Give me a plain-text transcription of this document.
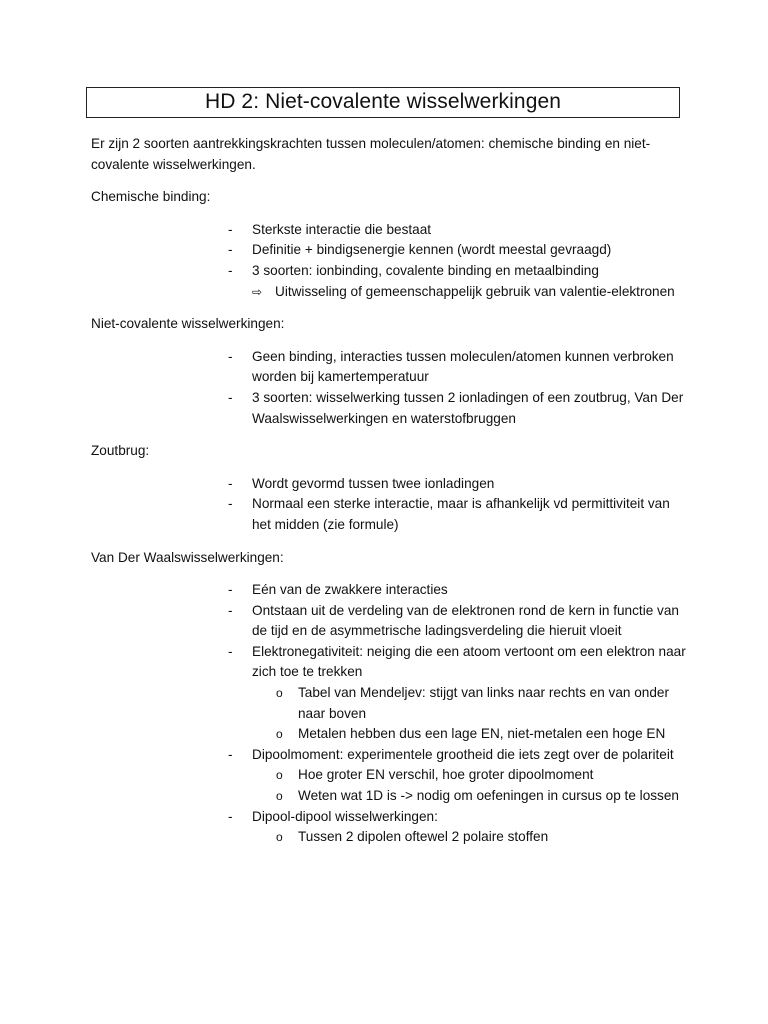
HD 2: Niet-covalente wisselwerkingen

Er zijn 2 soorten aantrekkingskrachten tussen moleculen/atomen: chemische binding en niet-covalente wisselwerkingen.

Chemische binding:

- Sterkste interactie die bestaat
- Definitie + bindigsenergie kennen (wordt meestal gevraagd)
- 3 soorten: ionbinding, covalente binding en metaalbinding
⇨ Uitwisseling of gemeenschappelijk gebruik van valentie-elektronen

Niet-covalente wisselwerkingen:

- Geen binding, interacties tussen moleculen/atomen kunnen verbroken worden bij kamertemperatuur
- 3 soorten: wisselwerking tussen 2 ionladingen of een zoutbrug, Van Der Waalswisselwerkingen en waterstofbruggen

Zoutbrug:

- Wordt gevormd tussen twee ionladingen
- Normaal een sterke interactie, maar is afhankelijk vd permittiviteit van het midden (zie formule)

Van Der Waalswisselwerkingen:

- Eén van de zwakkere interacties
- Ontstaan uit de verdeling van de elektronen rond de kern in functie van de tijd en de asymmetrische ladingsverdeling die hieruit vloeit
- Elektronegativiteit: neiging die een atoom vertoont om een elektron naar zich toe te trekken
o Tabel van Mendeljev: stijgt van links naar rechts en van onder naar boven
o Metalen hebben dus een lage EN, niet-metalen een hoge EN
- Dipoolmoment: experimentele grootheid die iets zegt over de polariteit
o Hoe groter EN verschil, hoe groter dipoolmoment
o Weten wat 1D is -> nodig om oefeningen in cursus op te lossen
- Dipool-dipool wisselwerkingen:
o Tussen 2 dipolen oftewel 2 polaire stoffen
